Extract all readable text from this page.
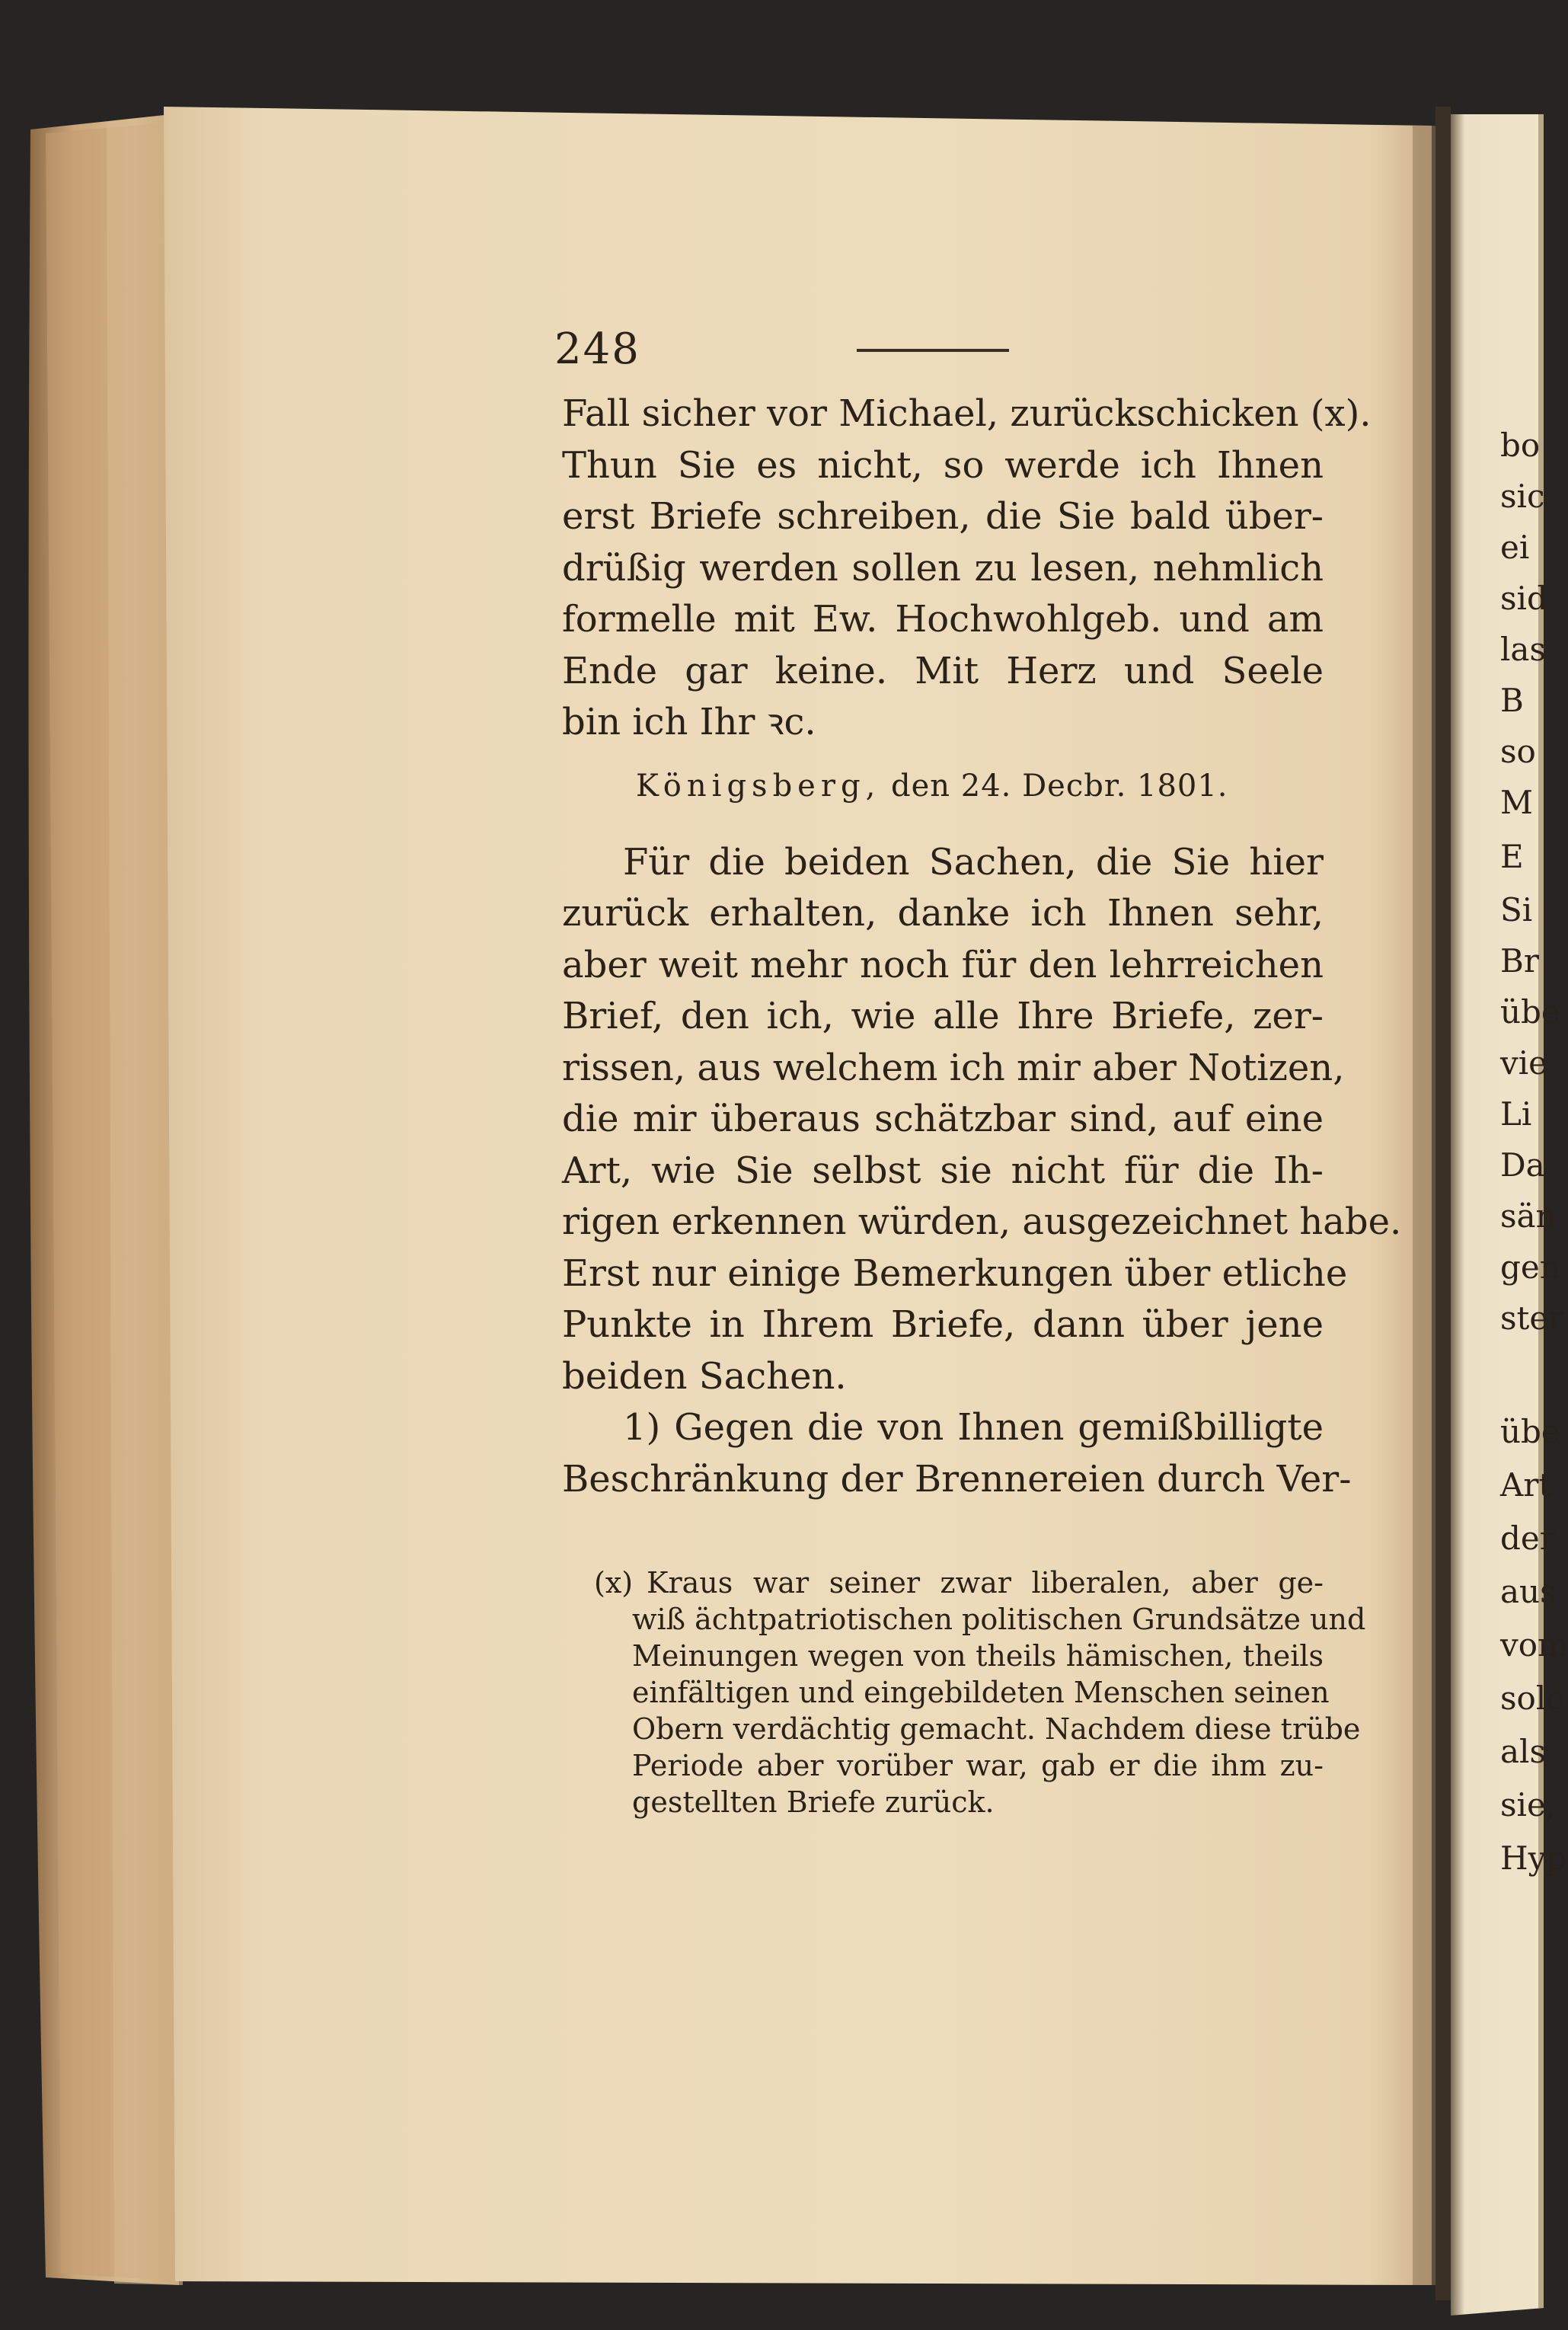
248
Fall sicher vor Michael, zurückschicken (x).
Thun Sie es nicht, so werde ich Ihnen
erst Briefe schreiben, die Sie bald über-
drüßig werden sollen zu lesen, nehmlich
formelle mit Ew. Hochwohlgeb. und am
Ende gar keine. Mit Herz und Seele
bin ich Ihr ꝛc.
Königsberg, den 24. Decbr. 1801.
Für die beiden Sachen, die Sie hier
zurück erhalten, danke ich Ihnen sehr,
aber weit mehr noch für den lehrreichen
Brief, den ich, wie alle Ihre Briefe, zer-
rissen, aus welchem ich mir aber Notizen,
die mir überaus schätzbar sind, auf eine
Art, wie Sie selbst sie nicht für die Ih-
rigen erkennen würden, ausgezeichnet habe.
Erst nur einige Bemerkungen über etliche
Punkte in Ihrem Briefe, dann über jene
beiden Sachen.
1) Gegen die von Ihnen gemißbilligte
Beschränkung der Brennereien durch Ver-
(x) Kraus war seiner zwar liberalen, aber ge-
wiß ächtpatriotischen politischen Grundsätze und
Meinungen wegen von theils hämischen, theils
einfältigen und eingebildeten Menschen seinen
Obern verdächtig gemacht. Nachdem diese trübe
Periode aber vorüber war, gab er die ihm zu-
gestellten Briefe zurück.
bo
sic
ei
sid
las
B
so
M
E
Si
Br
übe
vie
Li
Da
sän
gen
ster
übe
Art
der
aus
vom
solc
als
sie,
Hyp
